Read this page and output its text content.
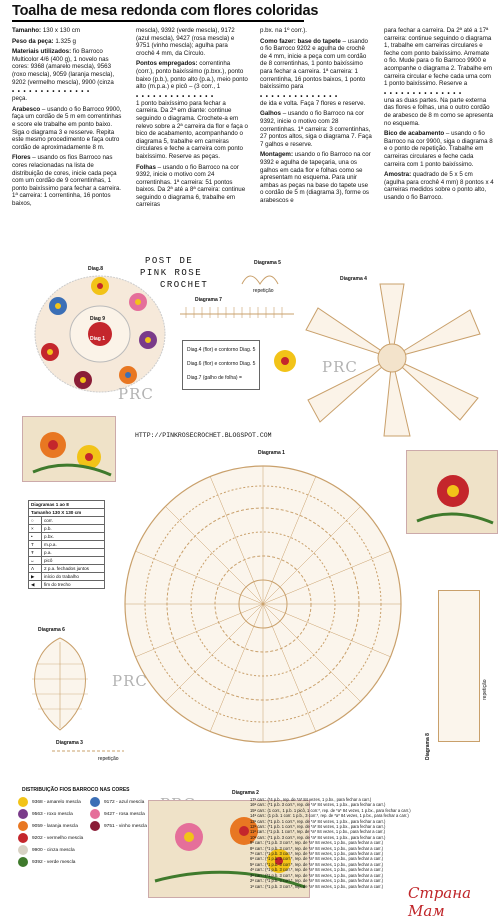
Toalha de mesa redonda com flores coloridas

Tamanho: 130 x 130 cm

Peso da peça: 1.325 g

Materiais utilizados: fio Barroco Multicolor 4/6 (400 g), 1 novelo nas cores: 9368 (amarelo mescla), 9563 (roxo mescla), 9059 (laranja mescla), 9202 (vermelho mescla), 9900 (cinza

• • • • • • • • • • • • • •

peça.

Arabesco – usando o fio Barroco 9900, faça um cordão de 5 m em correntinhas e score ele trabalhe em ponto baixo. Siga o diagrama 3 e resserve. Repita este mesmo procedimento e faça outro cordão de aproximadamente 8 m.

Flores – usando os fios Barroco nas cores relacionadas na lista de distribuição de cores, inicie cada peça com um cordão de 9 correntinhas, 1 ponto baixíssimo para fechar a carreira. 1ª carreira: 1 correntinha, 16 pontos baixos,

mescla), 9392 (verde mescla), 9172 (azul mescla), 9427 (rosa mescla) e 9751 (vinho mescla); agulha para crochê 4 mm, da Círculo.

Pontos empregados: correntinha (corr.), ponto baixíssimo (p.bxx.), ponto baixo (p.b.), ponto alto (p.a.), meio ponto alto (m.p.a.) e picô – (3 corr., 1

• • • • • • • • • • • • • •

1 ponto baixíssimo para fechar a carreira. Da 2ª em diante: continue seguindo o diagrama. Crochete-a em relevo sobre a 2ª carreira da flor e faça o bico de acabamento, acompanhando o diagrama 5, trabalhe em carreiras circulares e feche a carreira com ponto baixíssimo. Reserve as peças.

Folhas – usando o fio Barroco na cor 9392, inicie o motivo com 24 correntinhas. 1ª carreira: 51 pontos baixos. Da 2ª até a 8ª carreira: continue seguindo o diagrama 6, trabalhe em carreiras

p.bx. na 1º corr.).

Como fazer: base do tapete – usando o fio Barroco 9202 e agulha de crochê de 4 mm, inicie a peça com um cordão de 8 correntinhas, 1 ponto baixíssimo para fechar a carreira. 1ª carreira: 1 correntinha, 16 pontos baixos, 1 ponto baixíssimo para

• • • • • • • • • • • • • •

de ida e volta. Faça 7 flores e reserve.

Galhos – usando o fio Barroco na cor 9392, inicie o motivo com 28 correntinhas. 1ª carreira: 3 correntinhas, 27 pontos altos, siga o diagrama 7. Faça 7 galhos e reserve.

Montagem: usando o fio Barroco na cor 9392 e agulha de tapeçaria, una os galhos em cada flor e folhas como se apresentam no esquema. Para unir ambas as peças na base do tapete use o cordão de 5 m (diagrama 3), forme os arabescos e

para fechar a carreira. Da 2ª até a 17ª carreira: continue seguindo o diagrama 1, trabalhe em carreiras circulares e feche com ponto baixíssimo. Arremate o fio. Mude para o fio Barroco 9900 e acompanhe o diagrama 2. Trabalhe em carreira circular e feche cada uma com 1 ponto baixíssimo. Reserve a

• • • • • • • • • • • • • •

una as duas partes. Na parte externa das flores e folhas, una o outro cordão de arabesco de 8 m como se apresenta no esquema.

Bico de acabamento – usando o fio Barroco na cor 9900, siga o diagrama 8 e o ponto de repetição. Trabalhe em carreiras circulares e feche cada carreira com 1 ponto baixíssimo.

Amostra: quadrado de 5 x 5 cm (agulha para crochê 4 mm) 8 pontos x 4 carreiras medidos sobre o ponto alto, usando o fio Barroco.

POST DE
PINK ROSE
CROCHET
HTTP://PINKROSECROCHET.BLOGSPOT.COM
Diag.8
Diag 9
Diag 1
Diagrama 5
repetição
Diagrama 7
Diag.4 (flor) e contorno Diag. 5
Diag.6 (flor) e contorno Diag. 5
Diag.7 (galho de folha) =
Diagrama 4
PRC
PRC
PRC
Diagrama 1
Diagramas 1 ao 8	
Tamanho 130 X 130 cm	
○	corr.
×	p.b.
•	p.bx.
T	m.p.a.
Ŧ	p.a.
ᴗ	picô
Λ	2 p.a. fechados juntos
▶	início do trabalho
◀	fim do trecho
Diagrama 6
Diagrama 3
repetição	Diagrama 8
repetição
Diagrama 2
17ª carr.: (*4 p.b., rep. de *a* 84 vezes, 1 p.bx., para fechar a carr.)
16ª carr.: (*1 p.b. 3 corr.*, rep. de *a* 84 vezes, 1 p.bx., para fechar a carr.)
15ª carr.: (1 corr., 1 p.b. 1 picô, 1 corr.*, rep. de *a* 84 vezes, 1 p.bx., para fechar a carr.)
14ª carr.: (1 p.b. 1 corr. 1 p.b., 3 corr.*, rep. de *a* 84 vezes, 1 p.bx., para fechar a carr.)
13ª carr.: (*1 p.b. 1 corr.*, rep. de *a* 84 vezes, 1 p.bx., para fechar a carr.)
12ª carr.: (*1 p.b. 1 corr.*, rep. de *a* 84 vezes, 1 p.bx., para fechar a carr.)
11ª carr.: (*1 p.b. 1 corr.*, rep. de *a* 84 vezes, 1 p.bx., para fechar a carr.)
10ª carr.: (*1 p.b. 3 corr.*, rep. de *a* 84 vezes, 1 p.bx., para fechar a carr.)
9ª carr.: (*1 p.b. 3 corr.*, rep. de *a* 84 vezes, 1 p.bx., para fechar a carr.)
8ª carr.: (*1 p.b. 3 corr.*, rep. de *a* 84 vezes, 1 p.bx., para fechar a carr.)
7ª carr.: (*1 p.b. 3 corr.*, rep. de *a* 84 vezes, 1 p.bx., para fechar a carr.)
6ª carr.: (*1 p.b. 3 corr.*, rep. de *a* 84 vezes, 1 p.bx., para fechar a carr.)
5ª carr.: (*1 p.b. 3 corr.*, rep. de *a* 84 vezes, 1 p.bx., para fechar a carr.)
4ª carr.: (*1 p.b. 3 corr.*, rep. de *a* 84 vezes, 1 p.bx., para fechar a carr.)
3ª carr.: (*1 p.b. 3 corr.*, rep. de *a* 84 vezes, 1 p.bx., para fechar a carr.)
2ª carr.: (*1 p.b. 3 corr.*, rep. de *a* 84 vezes, 1 p.bx., para fechar a carr.)
1ª carr.: (*1 p.b. 3 corr.*, rep. de *a* 84 vezes, 1 p.bx., para fechar a carr.)
DISTRIBUIÇÃO FIOS BARROCO NAS CORES
9368 - amarelo mescla
9563 - roxo mescla
9059 - laranja mescla
9202 - vermelho mescla
9900 - cinza mescla
9392 - verde mescla
9172 - azul mescla
9427 - rosa mescla
9751 - vinho mescla
Страна Мам
